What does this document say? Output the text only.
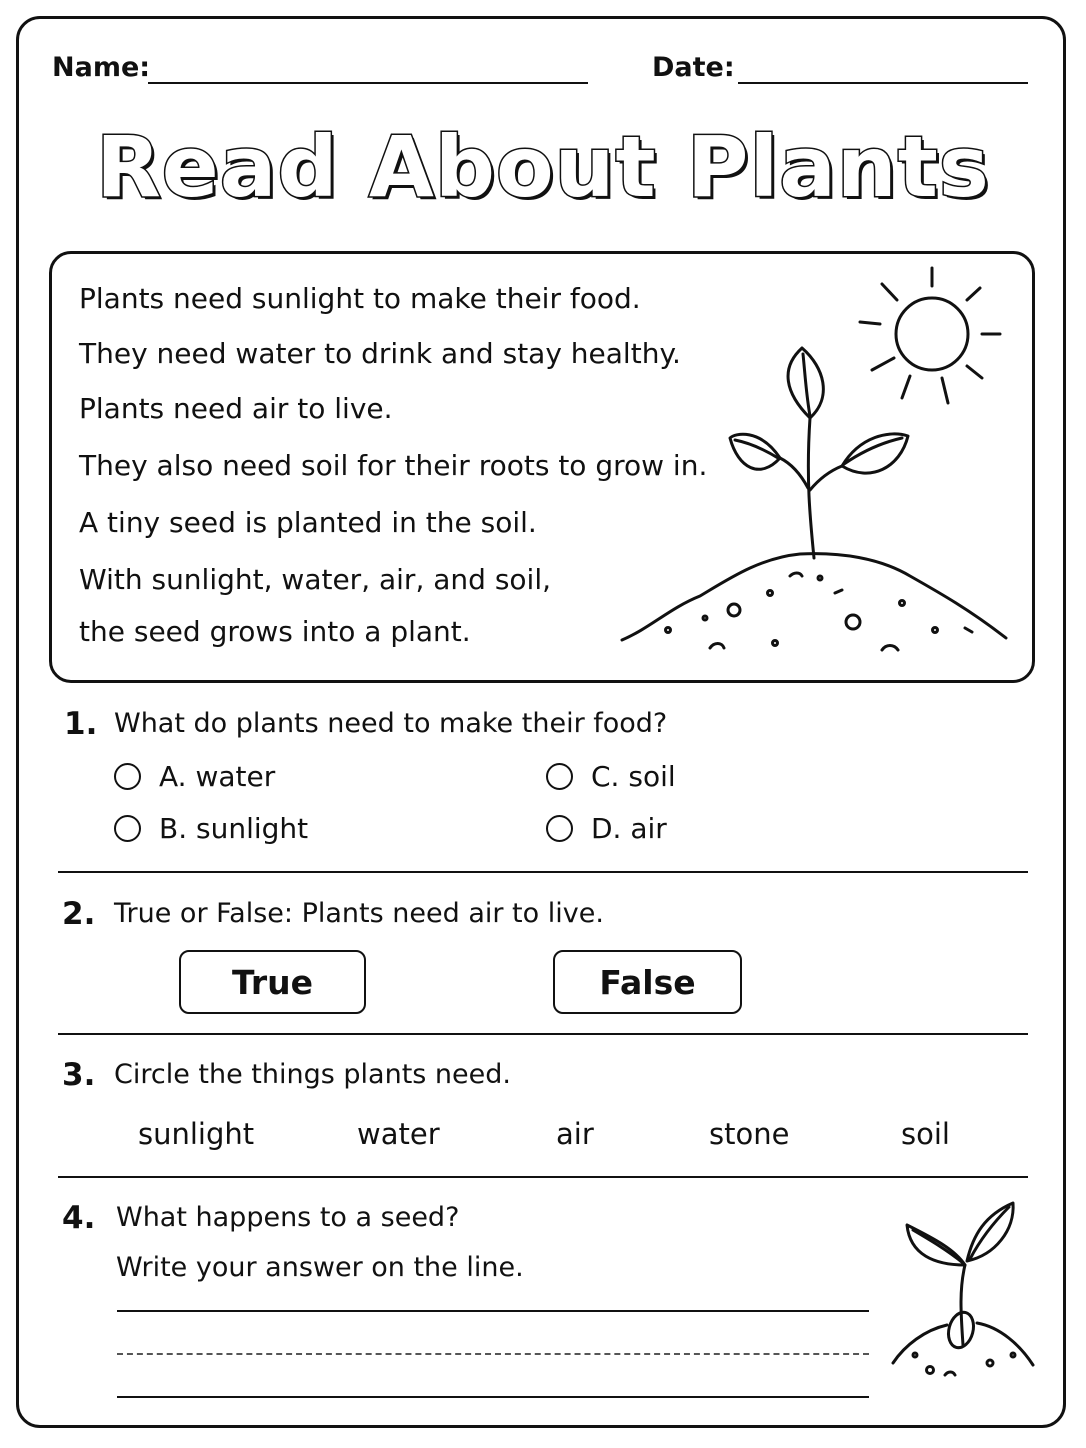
Name:	Date:
Read About Plants
Plants need sunlight to make their food.
They need water to drink and stay healthy.
Plants need air to live.
They also need soil for their roots to grow in.
A tiny seed is planted in the soil.
With sunlight, water, air, and soil,
the seed grows into a plant.
1. What do plants need to make their food?
A. water	C. soil
B. sunlight	D. air
2. True or False: Plants need air to live.
True	False
3. Circle the things plants need.
sunlight	water	air	stone	soil
4. What happens to a seed?
Write your answer on the line.
